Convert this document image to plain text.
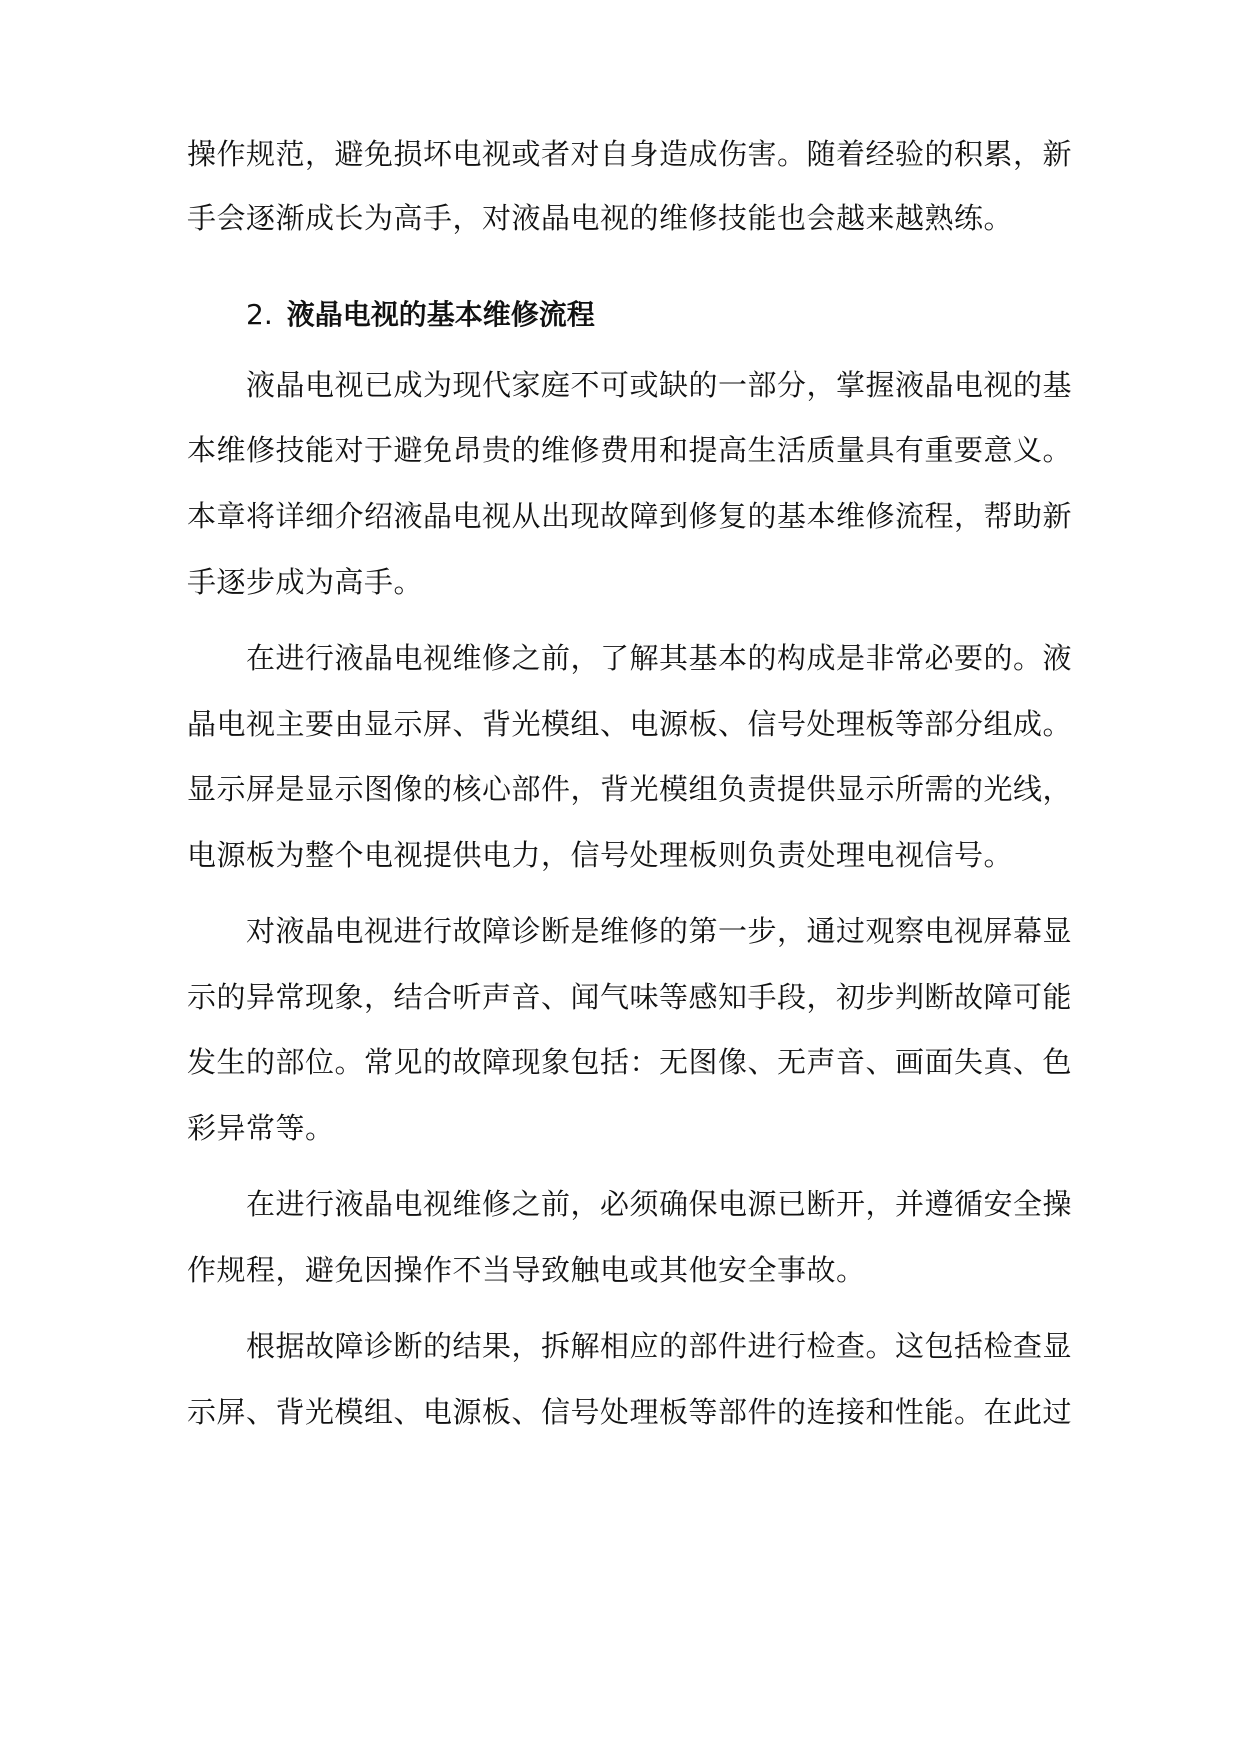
操作规范，避免损坏电视或者对自身造成伤害。随着经验的积累，新
手会逐渐成长为高手，对液晶电视的维修技能也会越来越熟练。
2. 液晶电视的基本维修流程
液晶电视已成为现代家庭不可或缺的一部分，掌握液晶电视的基
本维修技能对于避免昂贵的维修费用和提高生活质量具有重要意义。
本章将详细介绍液晶电视从出现故障到修复的基本维修流程，帮助新
手逐步成为高手。
在进行液晶电视维修之前，了解其基本的构成是非常必要的。液
晶电视主要由显示屏、背光模组、电源板、信号处理板等部分组成。
显示屏是显示图像的核心部件，背光模组负责提供显示所需的光线，
电源板为整个电视提供电力，信号处理板则负责处理电视信号。
对液晶电视进行故障诊断是维修的第一步，通过观察电视屏幕显
示的异常现象，结合听声音、闻气味等感知手段，初步判断故障可能
发生的部位。常见的故障现象包括：无图像、无声音、画面失真、色
彩异常等。
在进行液晶电视维修之前，必须确保电源已断开，并遵循安全操
作规程，避免因操作不当导致触电或其他安全事故。
根据故障诊断的结果，拆解相应的部件进行检查。这包括检查显
示屏、背光模组、电源板、信号处理板等部件的连接和性能。在此过
